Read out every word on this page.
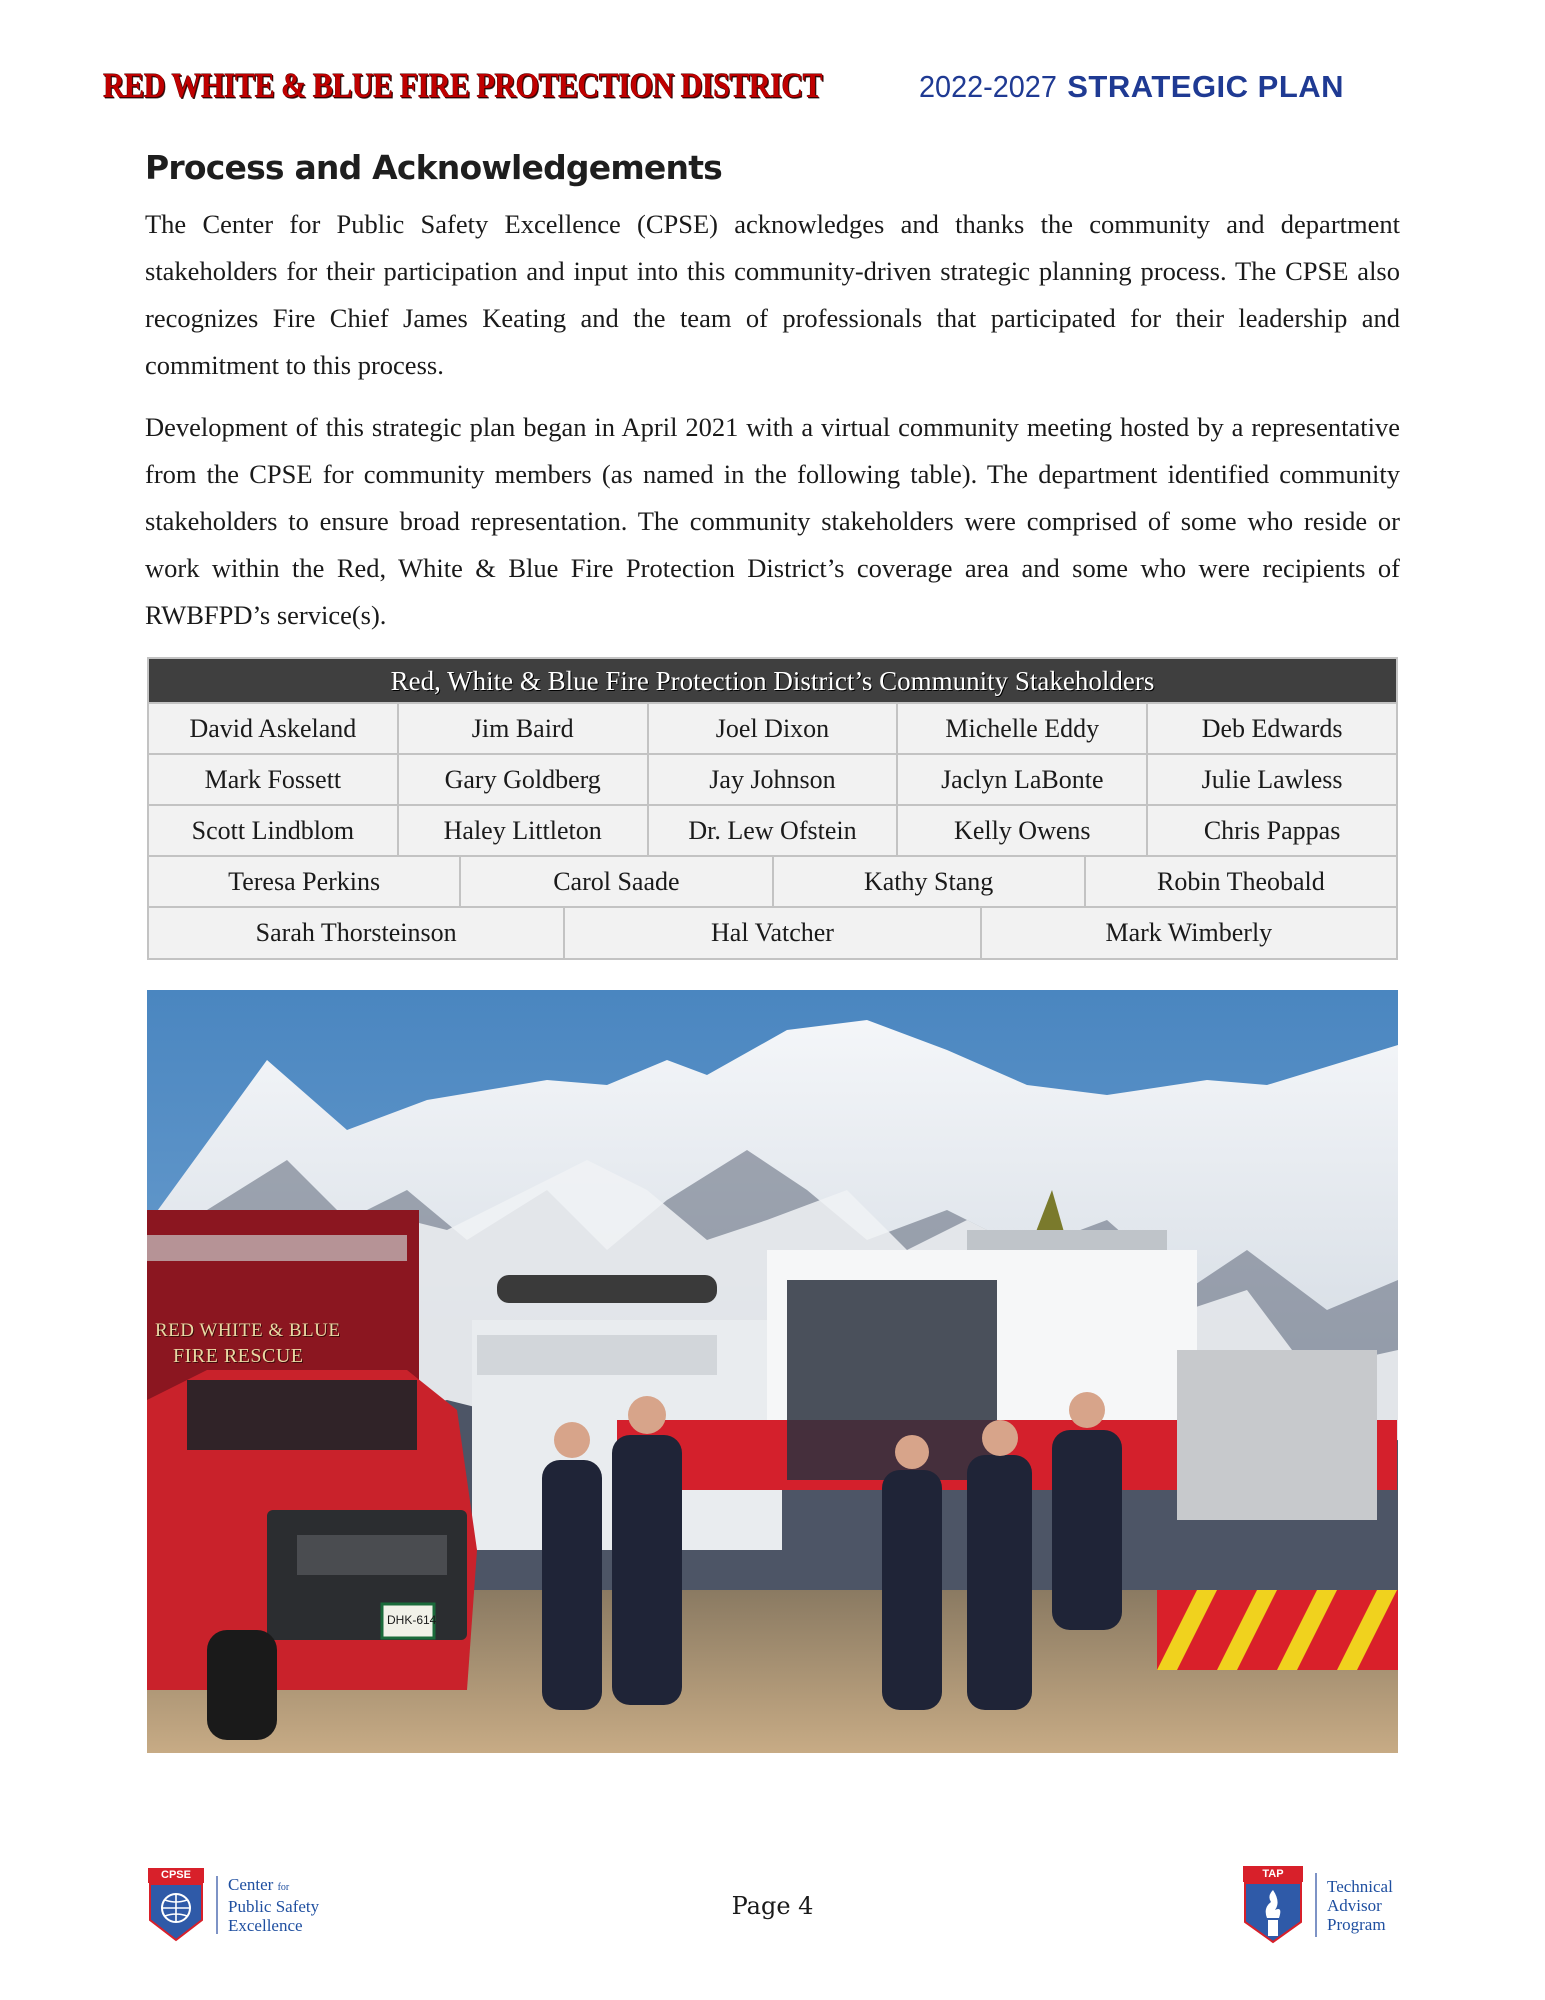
RED WHITE & BLUE FIRE PROTECTION DISTRICT	2022-2027 STRATEGIC PLAN
Process and Acknowledgements

The Center for Public Safety Excellence (CPSE) acknowledges and thanks the community and department stakeholders for their participation and input into this community-driven strategic planning process. The CPSE also recognizes Fire Chief James Keating and the team of professionals that participated for their leadership and commitment to this process.

Development of this strategic plan began in April 2021 with a virtual community meeting hosted by a representative from the CPSE for community members (as named in the following table). The department identified community stakeholders to ensure broad representation. The community stakeholders were comprised of some who reside or work within the Red, White & Blue Fire Protection District’s coverage area and some who were recipients of RWBFPD’s service(s).

Red, White & Blue Fire Protection District’s Community Stakeholders
David Askeland	Jim Baird	Joel Dixon	Michelle Eddy	Deb Edwards
Mark Fossett	Gary Goldberg	Jay Johnson	Jaclyn LaBonte	Julie Lawless
Scott Lindblom	Haley Littleton	Dr. Lew Ofstein	Kelly Owens	Chris Pappas
Teresa Perkins	Carol Saade	Kathy Stang	Robin Theobald
Sarah Thorsteinson	Hal Vatcher	Mark Wimberly
RED WHITE & BLUE
FIRE RESCUE
DHK-614
CPSE	Center for
Public Safety
Excellence
Page 4
TAP
Technical
Advisor
Program
